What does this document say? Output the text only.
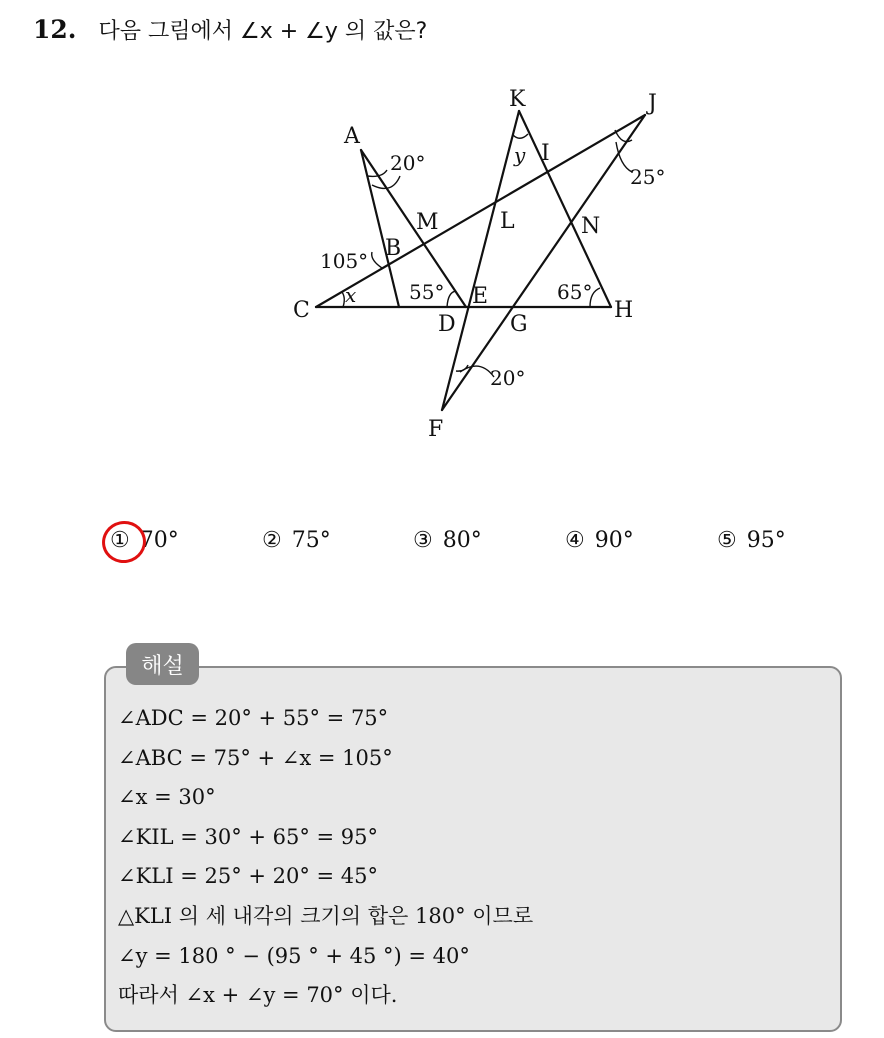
12. 다음 그림에서 ∠x + ∠y 의 값은?
A
B
C
D
E
F
G
H
I
J
K
L
M	N
20°
105°
55°	65°
25°
20°
x
y
① 70°	② 75°	③ 80°	④ 90°	⑤ 95°
해설
∠ADC = 20° + 55° = 75°
∠ABC = 75° + ∠x = 105°
∠x = 30°
∠KIL = 30° + 65° = 95°
∠KLI = 25° + 20° = 45°
△KLI 의 세 내각의 크기의 합은 180° 이므로
∠y = 180 ° − (95 ° + 45 °) = 40°
따라서 ∠x + ∠y = 70° 이다.
